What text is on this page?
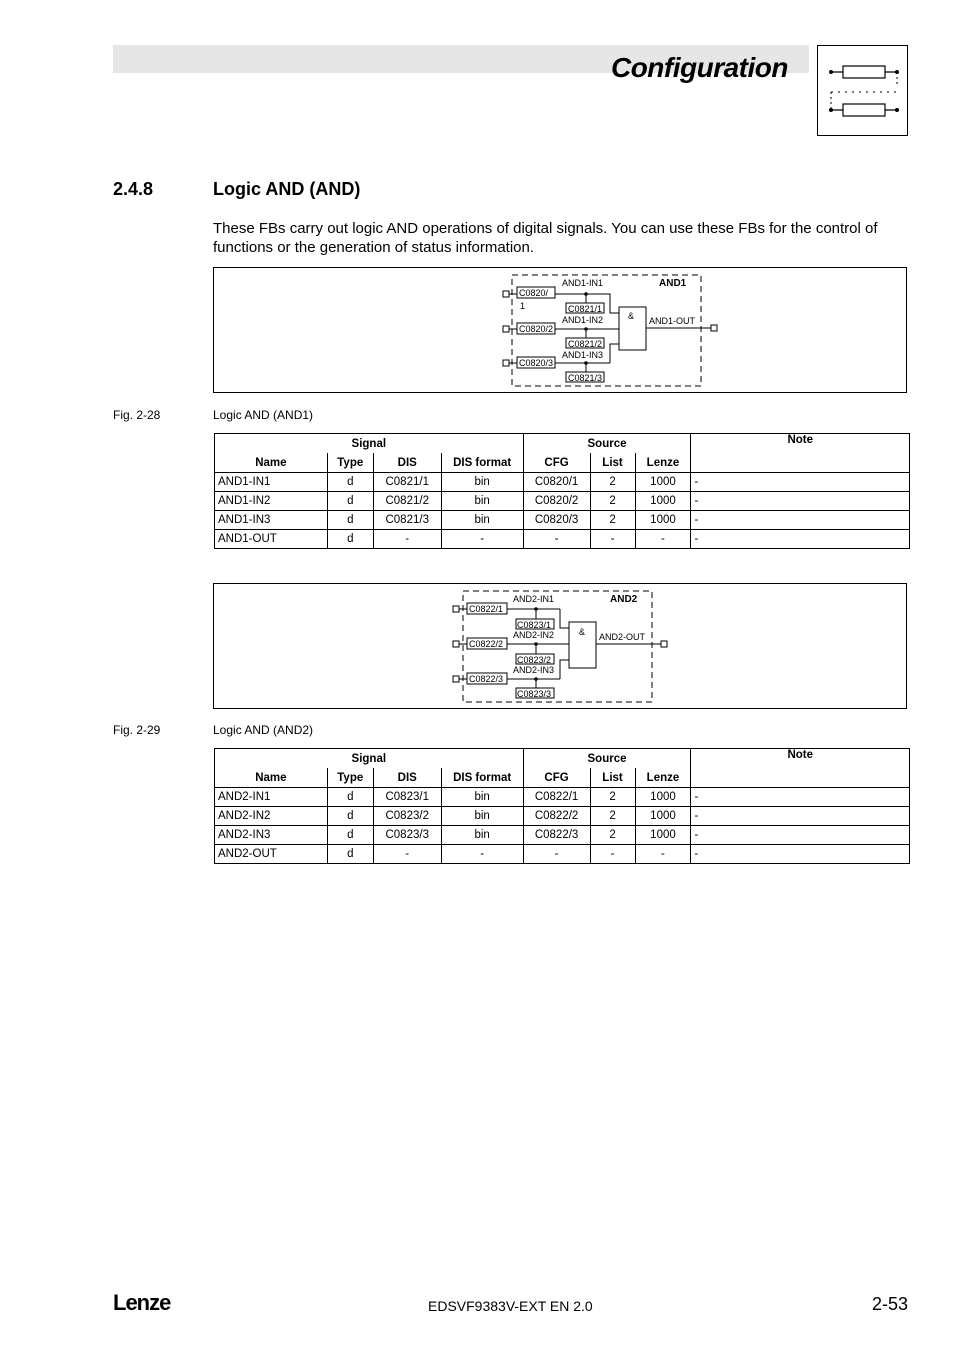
Configuration
2.4.8	Logic AND (AND)
These FBs carry out logic AND operations of digital signals. You can use these FBs for the control of functions or the generation of status information.
AND1
& AND1-OUT
C0820/
1
AND1-IN1
C0821/1
C0820/2
AND1-IN2
C0821/2
C0820/3
AND1-IN3
C0821/3
Fig. 2-28	Logic AND (AND1)
Signal				Source			Note
Name	Type	DIS	DIS format	CFG	List	Lenze	
AND1-IN1	d	C0821/1	bin	C0820/1	2	1000	-
AND1-IN2	d	C0821/2	bin	C0820/2	2	1000	-
AND1-IN3	d	C0821/3	bin	C0820/3	2	1000	-
AND1-OUT	d	-	-	-	-	-	-
AND2
& AND2-OUT
C0822/1
AND2-IN1
C0823/1
C0822/2
AND2-IN2
C0823/2
C0822/3
AND2-IN3
C0823/3
Fig. 2-29	Logic AND (AND2)
Signal				Source			Note
Name	Type	DIS	DIS format	CFG	List	Lenze	
AND2-IN1	d	C0823/1	bin	C0822/1	2	1000	-
AND2-IN2	d	C0823/2	bin	C0822/2	2	1000	-
AND2-IN3	d	C0823/3	bin	C0822/3	2	1000	-
AND2-OUT	d	-	-	-	-	-	-
Lenze	EDSVF9383V-EXT EN 2.0	2-53
